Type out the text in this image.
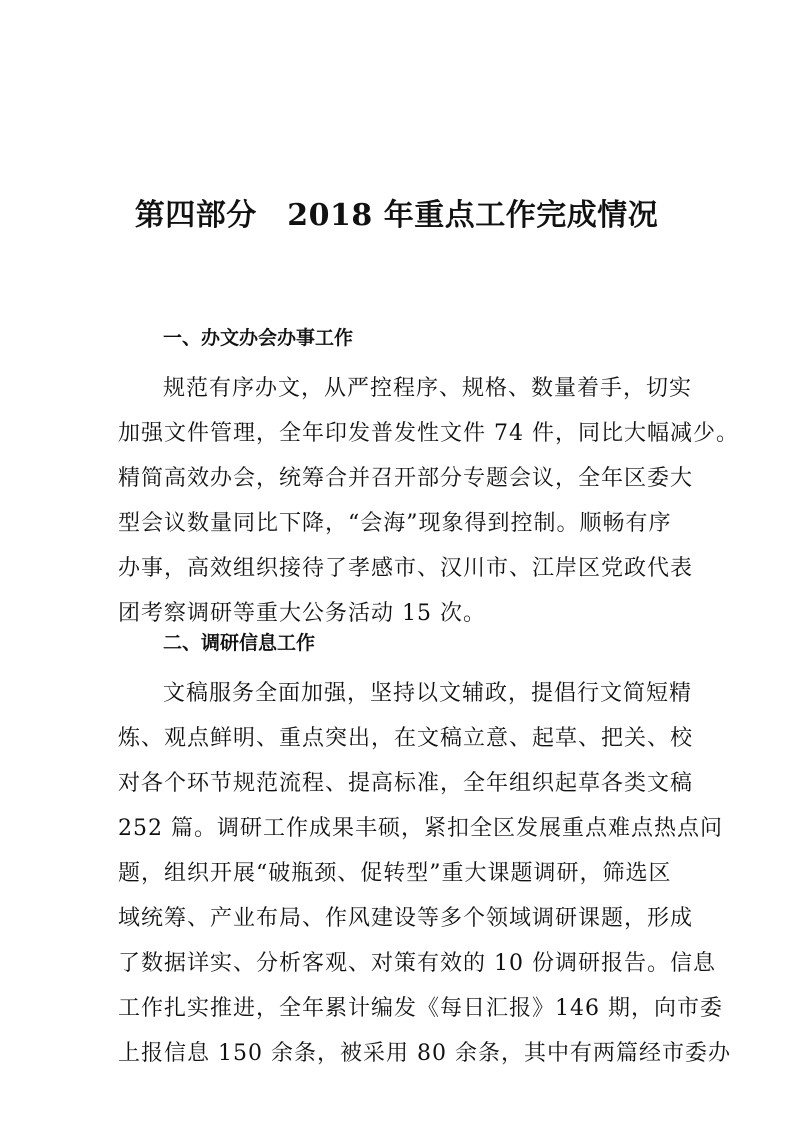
第四部分　2018 年重点工作完成情况
一、办文办会办事工作
规范有序办文，从严控程序、规格、数量着手，切实
加强文件管理，全年印发普发性文件 74 件，同比大幅减少。
精简高效办会，统筹合并召开部分专题会议，全年区委大
型会议数量同比下降，“会海”现象得到控制。顺畅有序
办事，高效组织接待了孝感市、汉川市、江岸区党政代表
团考察调研等重大公务活动 15 次。
二、调研信息工作
文稿服务全面加强，坚持以文辅政，提倡行文简短精
炼、观点鲜明、重点突出，在文稿立意、起草、把关、校
对各个环节规范流程、提高标准，全年组织起草各类文稿
252 篇。调研工作成果丰硕，紧扣全区发展重点难点热点问
题，组织开展“破瓶颈、促转型”重大课题调研，筛选区
域统筹、产业布局、作风建设等多个领域调研课题，形成
了数据详实、分析客观、对策有效的 10 份调研报告。信息
工作扎实推进，全年累计编发《每日汇报》146 期，向市委
上报信息 150 余条，被采用 80 余条，其中有两篇经市委办
